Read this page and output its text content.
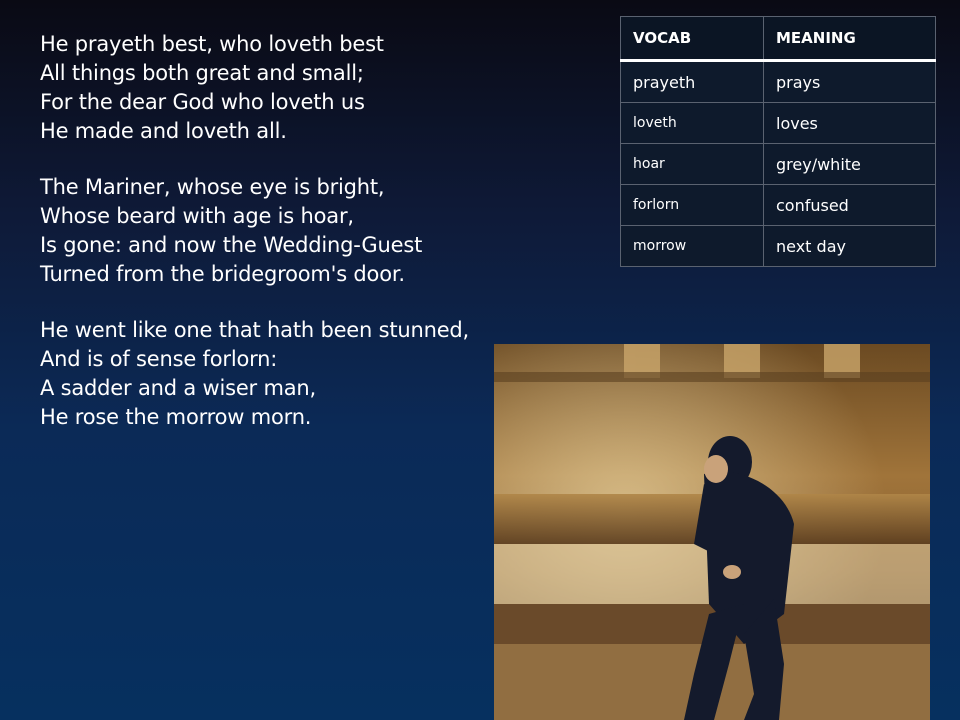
He prayeth best, who loveth best
All things both great and small;
For the dear God who loveth us
He made and loveth all.
The Mariner, whose eye is bright,
Whose beard with age is hoar,
Is gone: and now the Wedding-Guest
Turned from the bridegroom's door.
He went like one that hath been stunned,
And is of sense forlorn:
A sadder and a wiser man,
He rose the morrow morn.
VOCAB	MEANING
prayeth	prays
loveth	loves
hoar	grey/white
forlorn	confused
morrow	next day
